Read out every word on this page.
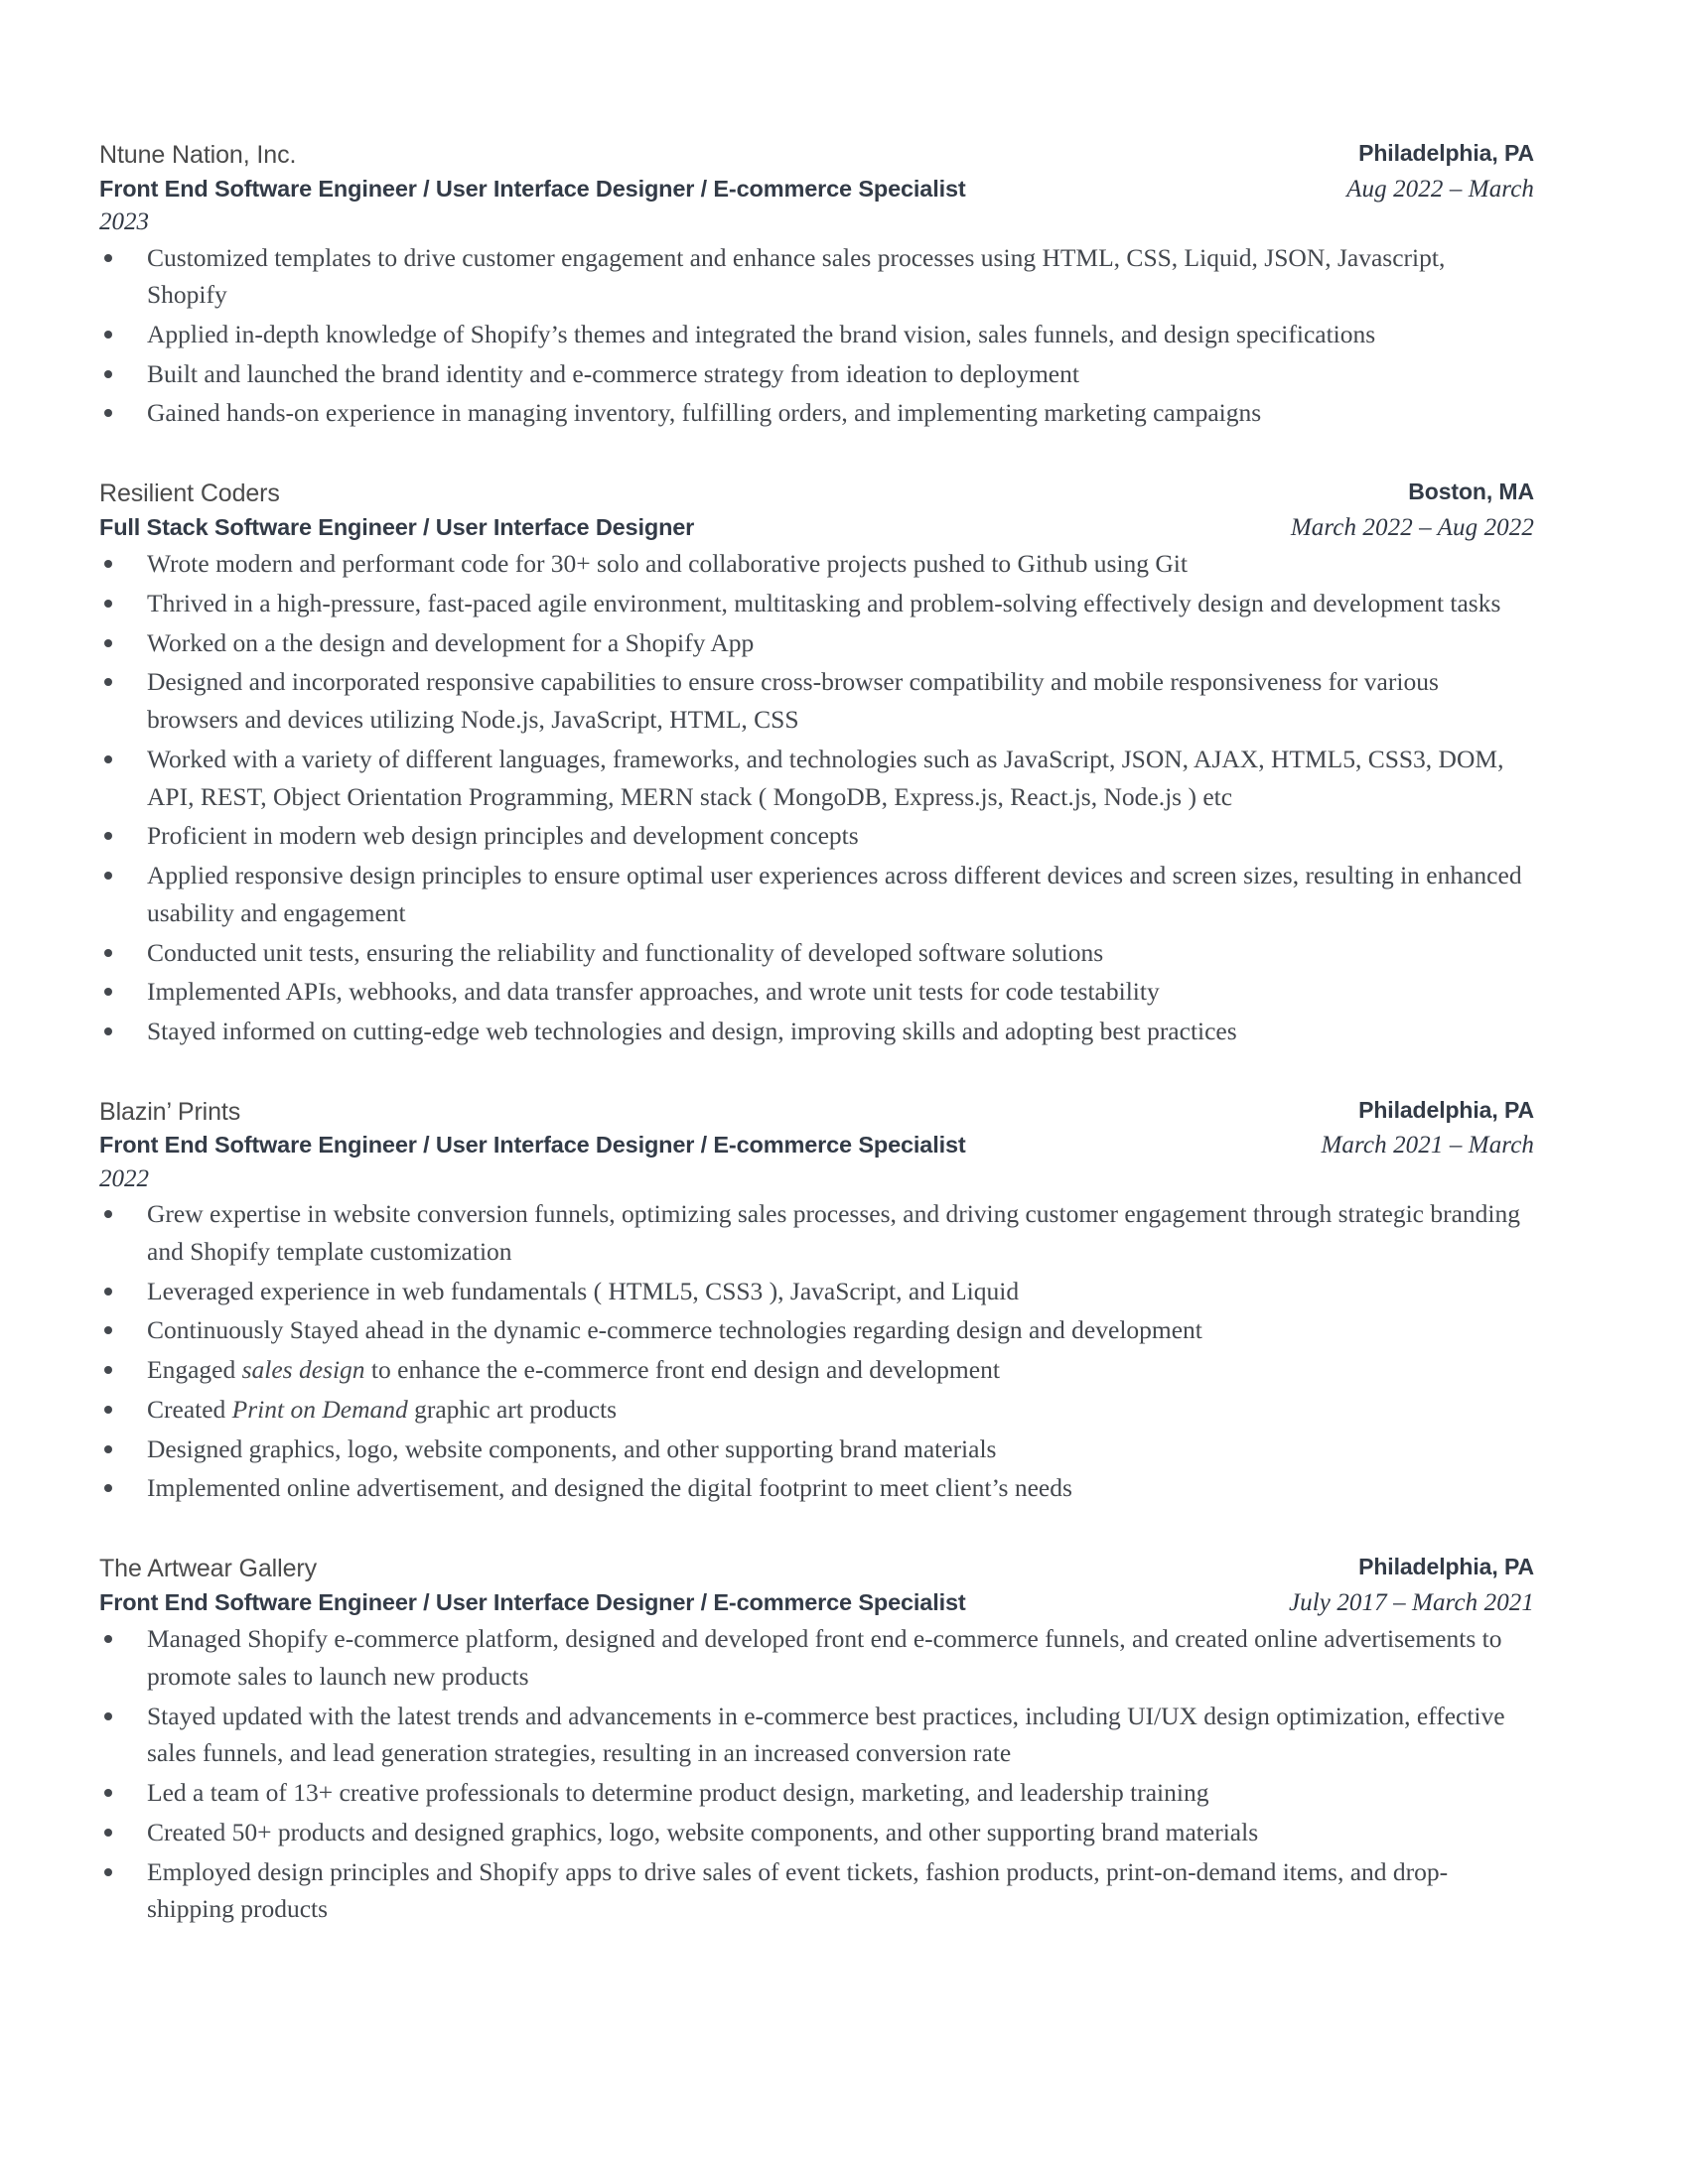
Philadelphia, PA
Ntune Nation, Inc.
Aug 2022 – March
Front End Software Engineer / User Interface Designer / E-commerce Specialist
2023
Customized templates to drive customer engagement and enhance sales processes using HTML, CSS, Liquid, JSON, Javascript, Shopify
Applied in-depth knowledge of Shopify’s themes and integrated the brand vision, sales funnels, and design specifications
Built and launched the brand identity and e-commerce strategy from ideation to deployment
Gained hands-on experience in managing inventory, fulfilling orders, and implementing marketing campaigns
Boston, MA
Resilient Coders
March 2022 – Aug 2022
Full Stack Software Engineer / User Interface Designer
Wrote modern and performant code for 30+ solo and collaborative projects pushed to Github using Git
Thrived in a high-pressure, fast-paced agile environment, multitasking and problem-solving effectively design and development tasks
Worked on a the design and development for a Shopify App
Designed and incorporated responsive capabilities to ensure cross-browser compatibility and mobile responsiveness for various browsers and devices utilizing Node.js, JavaScript, HTML, CSS
Worked with a variety of different languages, frameworks, and technologies such as JavaScript, JSON, AJAX, HTML5, CSS3, DOM, API, REST, Object Orientation Programming, MERN stack ( MongoDB, Express.js, React.js, Node.js ) etc
Proficient in modern web design principles and development concepts
Applied responsive design principles to ensure optimal user experiences across different devices and screen sizes, resulting in enhanced usability and engagement
Conducted unit tests, ensuring the reliability and functionality of developed software solutions
Implemented APIs, webhooks, and data transfer approaches, and wrote unit tests for code testability
Stayed informed on cutting-edge web technologies and design, improving skills and adopting best practices
Philadelphia, PA
Blazin’ Prints
March 2021 – March
Front End Software Engineer / User Interface Designer / E-commerce Specialist
2022
Grew expertise in website conversion funnels, optimizing sales processes, and driving customer engagement through strategic branding and Shopify template customization
Leveraged experience in web fundamentals ( HTML5, CSS3 ), JavaScript, and Liquid
Continuously Stayed ahead in the dynamic e-commerce technologies regarding design and development
Engaged sales design to enhance the e-commerce front end design and development
Created Print on Demand graphic art products
Designed graphics, logo, website components, and other supporting brand materials
Implemented online advertisement, and designed the digital footprint to meet client’s needs
Philadelphia, PA
The Artwear Gallery
July 2017 – March 2021
Front End Software Engineer / User Interface Designer / E-commerce Specialist
Managed Shopify e-commerce platform, designed and developed front end e-commerce funnels, and created online advertisements to promote sales to launch new products
Stayed updated with the latest trends and advancements in e-commerce best practices, including UI/UX design optimization, effective sales funnels, and lead generation strategies, resulting in an increased conversion rate
Led a team of 13+ creative professionals to determine product design, marketing, and leadership training
Created 50+ products and designed graphics, logo, website components, and other supporting brand materials
Employed design principles and Shopify apps to drive sales of event tickets, fashion products, print-on-demand items, and drop-shipping products
